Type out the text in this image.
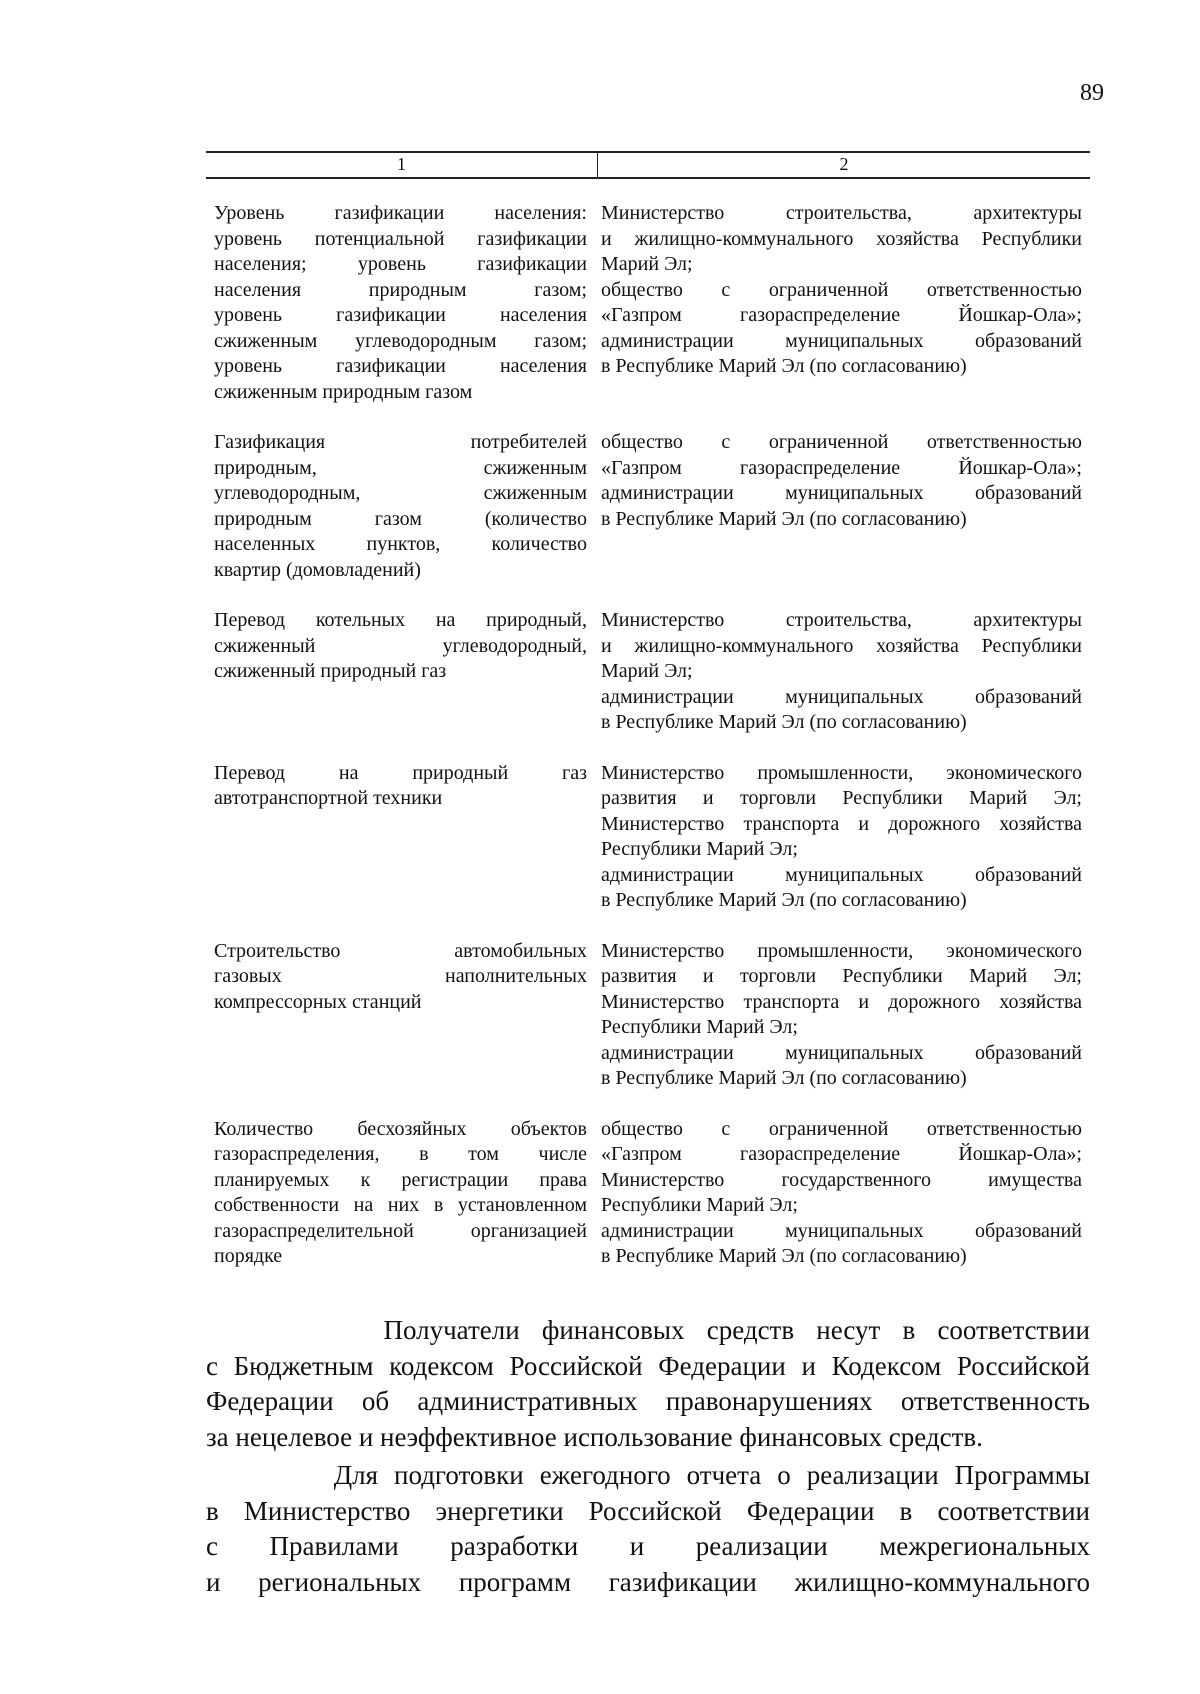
89
1	2
Уровень газификации населения:
уровень потенциальной газификации
населения; уровень газификации
населения природным газом;
уровень газификации населения
сжиженным углеводородным газом;
уровень газификации населения
сжиженным природным газом
Министерство строительства, архитектуры
и жилищно-коммунального хозяйства Республики
Марий Эл;
общество с ограниченной ответственностью
«Газпром газораспределение Йошкар-Ола»;
администрации муниципальных образований
в Республике Марий Эл (по согласованию)
Газификация потребителей
природным, сжиженным
углеводородным, сжиженным
природным газом (количество
населенных пунктов, количество
квартир (домовладений)
общество с ограниченной ответственностью
«Газпром газораспределение Йошкар-Ола»;
администрации муниципальных образований
в Республике Марий Эл (по согласованию)
Перевод котельных на природный,
сжиженный углеводородный,
сжиженный природный газ
Министерство строительства, архитектуры
и жилищно-коммунального хозяйства Республики
Марий Эл;
администрации муниципальных образований
в Республике Марий Эл (по согласованию)
Перевод на природный газ
автотранспортной техники
Министерство промышленности, экономического
развития и торговли Республики Марий Эл;
Министерство транспорта и дорожного хозяйства
Республики Марий Эл;
администрации муниципальных образований
в Республике Марий Эл (по согласованию)
Строительство автомобильных
газовых наполнительных
компрессорных станций
Министерство промышленности, экономического
развития и торговли Республики Марий Эл;
Министерство транспорта и дорожного хозяйства
Республики Марий Эл;
администрации муниципальных образований
в Республике Марий Эл (по согласованию)
Количество бесхозяйных объектов
газораспределения, в том числе
планируемых к регистрации права
собственности на них в установленном
газораспределительной организацией
порядке
общество с ограниченной ответственностью
«Газпром газораспределение Йошкар-Ола»;
Министерство государственного имущества
Республики Марий Эл;
администрации муниципальных образований
в Республике Марий Эл (по согласованию)
Получатели финансовых средств несут в соответствии
с Бюджетным кодексом Российской Федерации и Кодексом Российской
Федерации об административных правонарушениях ответственность
за нецелевое и неэффективное использование финансовых средств.
Для подготовки ежегодного отчета о реализации Программы
в Министерство энергетики Российской Федерации в соответствии
с Правилами разработки и реализации межрегиональных
и региональных программ газификации жилищно-коммунального
